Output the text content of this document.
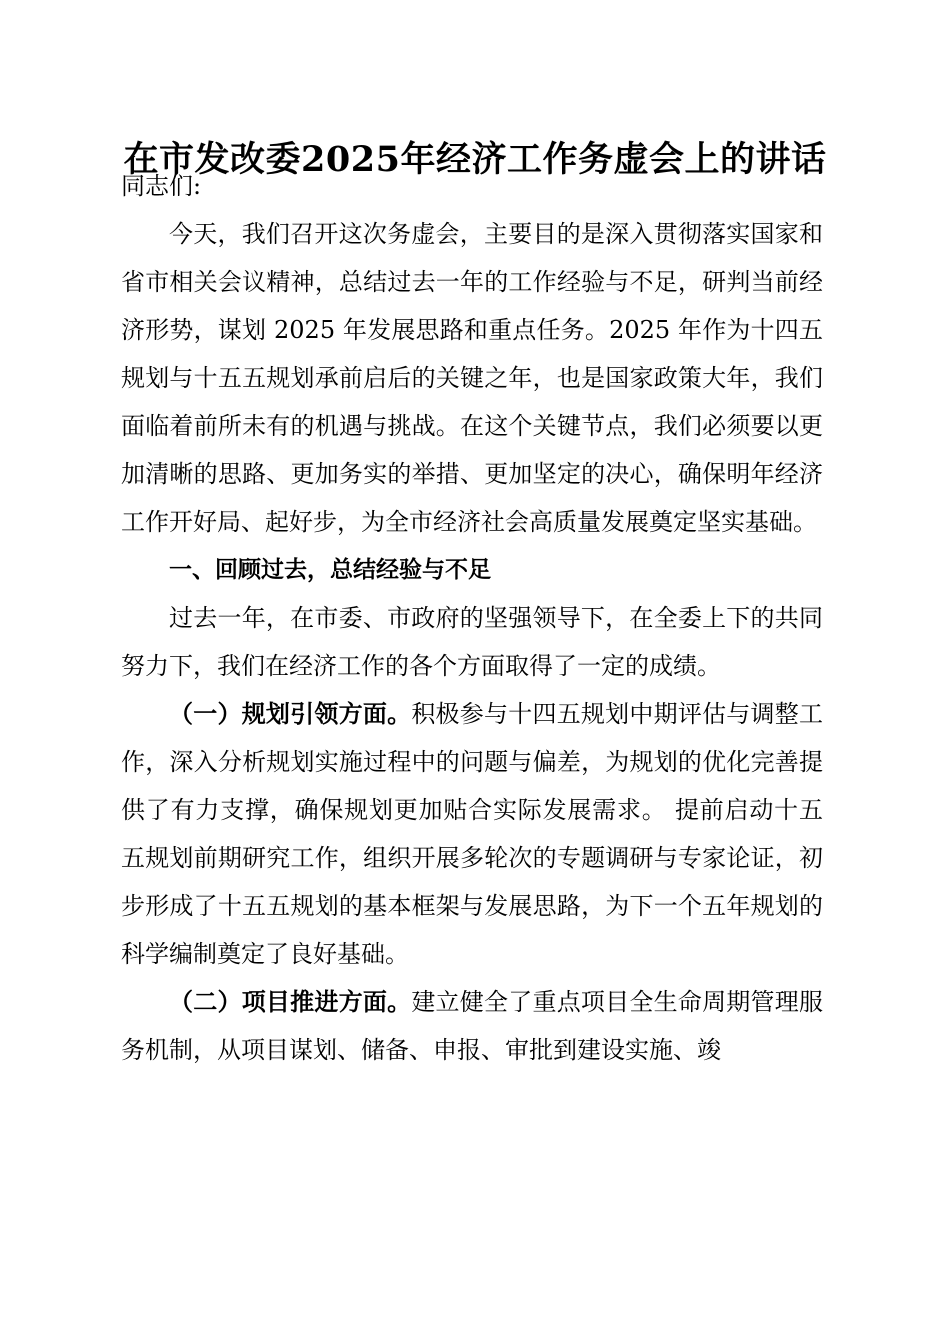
在市发改委2025年经济工作务虚会上的讲话

同志们:

今天，我们召开这次务虚会，主要目的是深入贯彻落实国家和省市相关会议精神，总结过去一年的工作经验与不足，研判当前经济形势，谋划 2025 年发展思路和重点任务。2025 年作为十四五规划与十五五规划承前启后的关键之年，也是国家政策大年，我们面临着前所未有的机遇与挑战。在这个关键节点，我们必须要以更加清晰的思路、更加务实的举措、更加坚定的决心，确保明年经济工作开好局、起好步，为全市经济社会高质量发展奠定坚实基础。

一、回顾过去，总结经验与不足

过去一年，在市委、市政府的坚强领导下，在全委上下的共同努力下，我们在经济工作的各个方面取得了一定的成绩。

（一）规划引领方面。积极参与十四五规划中期评估与调整工作，深入分析规划实施过程中的问题与偏差，为规划的优化完善提供了有力支撑，确保规划更加贴合实际发展需求。 提前启动十五五规划前期研究工作，组织开展多轮次的专题调研与专家论证，初步形成了十五五规划的基本框架与发展思路，为下一个五年规划的科学编制奠定了良好基础。

（二）项目推进方面。建立健全了重点项目全生命周期管理服务机制，从项目谋划、储备、申报、审批到建设实施、竣
